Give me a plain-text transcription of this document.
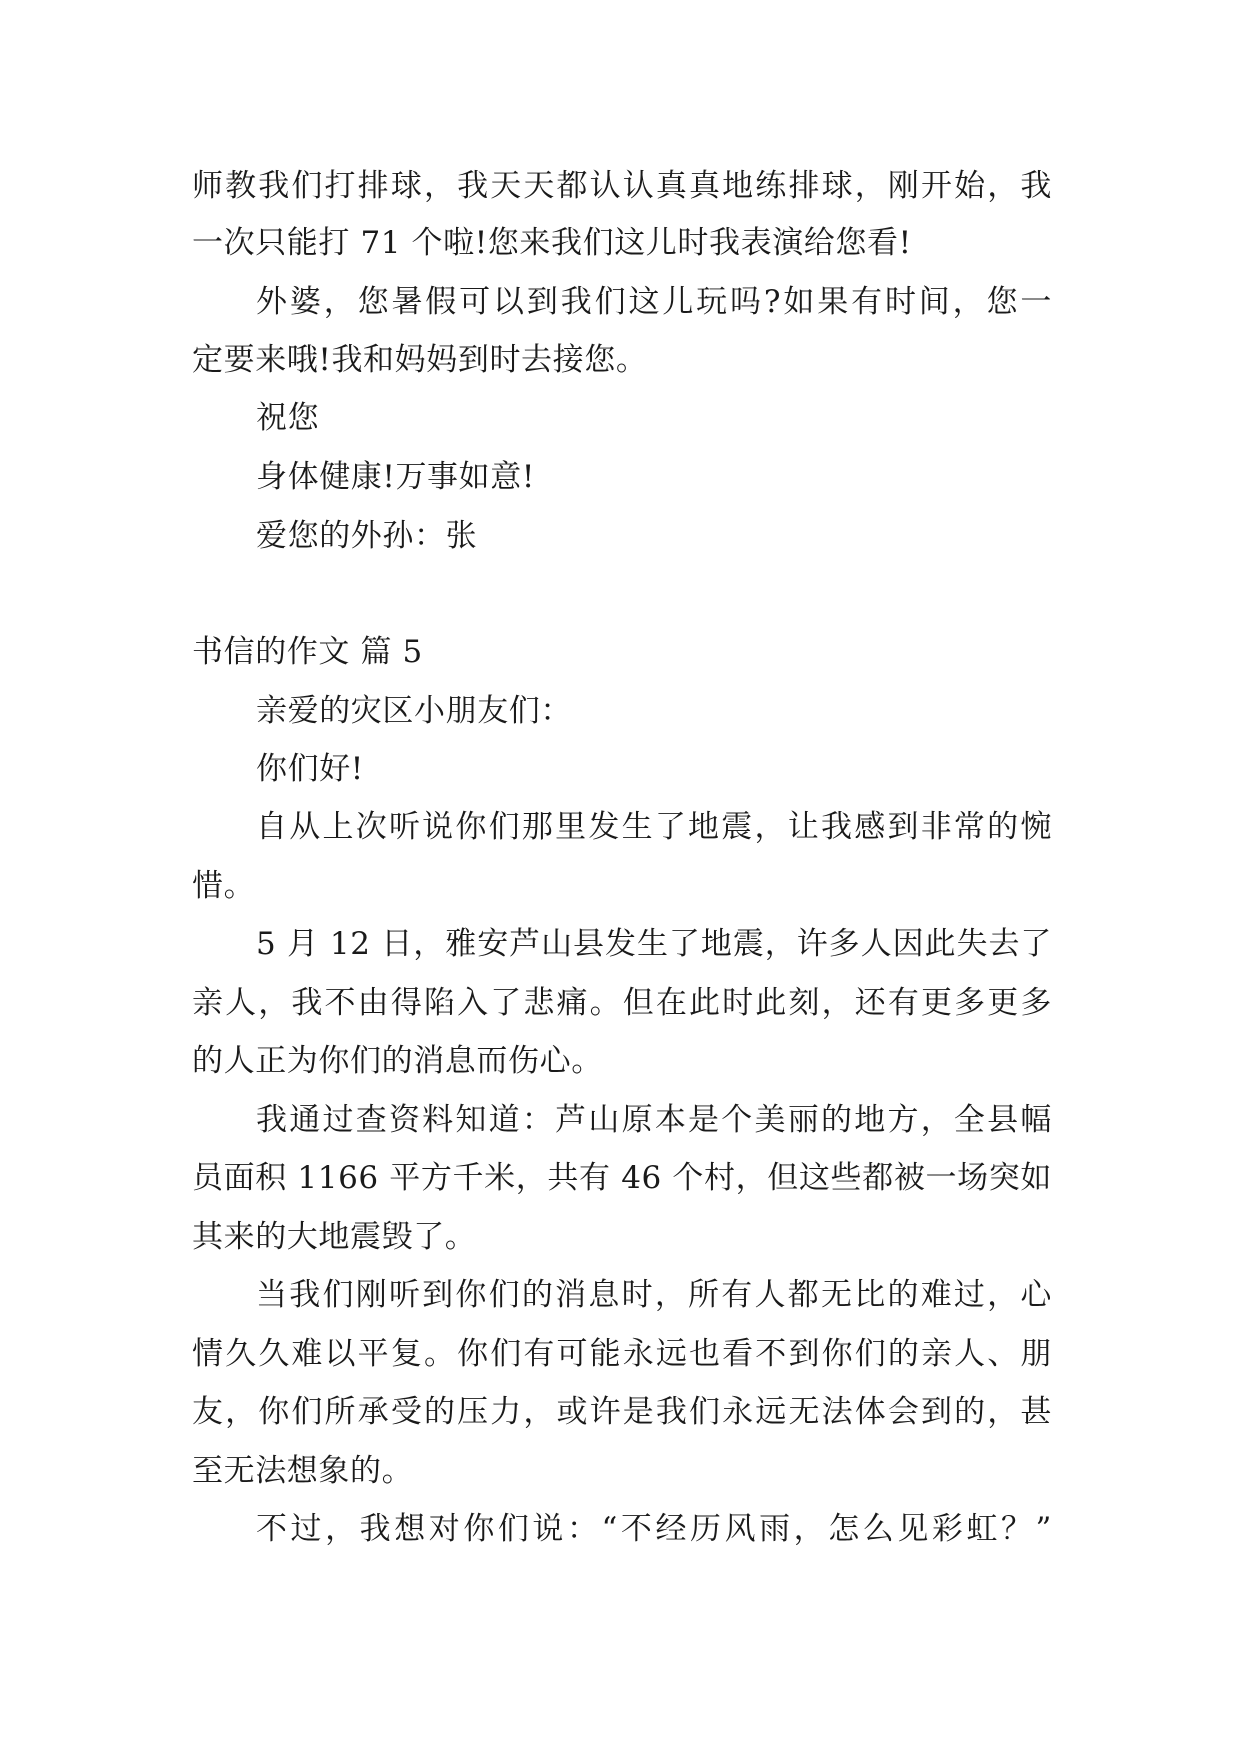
师教我们打排球，我天天都认认真真地练排球，刚开始，我
一次只能打 71 个啦!您来我们这儿时我表演给您看!
外婆，您暑假可以到我们这儿玩吗?如果有时间，您一
定要来哦!我和妈妈到时去接您。
祝您
身体健康!万事如意!
爱您的外孙：张
书信的作文 篇 5
亲爱的灾区小朋友们：
你们好!
自从上次听说你们那里发生了地震，让我感到非常的惋
惜。
5 月 12 日，雅安芦山县发生了地震，许多人因此失去了
亲人，我不由得陷入了悲痛。但在此时此刻，还有更多更多
的人正为你们的消息而伤心。
我通过查资料知道：芦山原本是个美丽的地方，全县幅
员面积 1166 平方千米，共有 46 个村，但这些都被一场突如
其来的大地震毁了。
当我们刚听到你们的消息时，所有人都无比的难过，心
情久久难以平复。你们有可能永远也看不到你们的亲人、朋
友，你们所承受的压力，或许是我们永远无法体会到的，甚
至无法想象的。
不过，我想对你们说：“不经历风雨，怎么见彩虹？”
